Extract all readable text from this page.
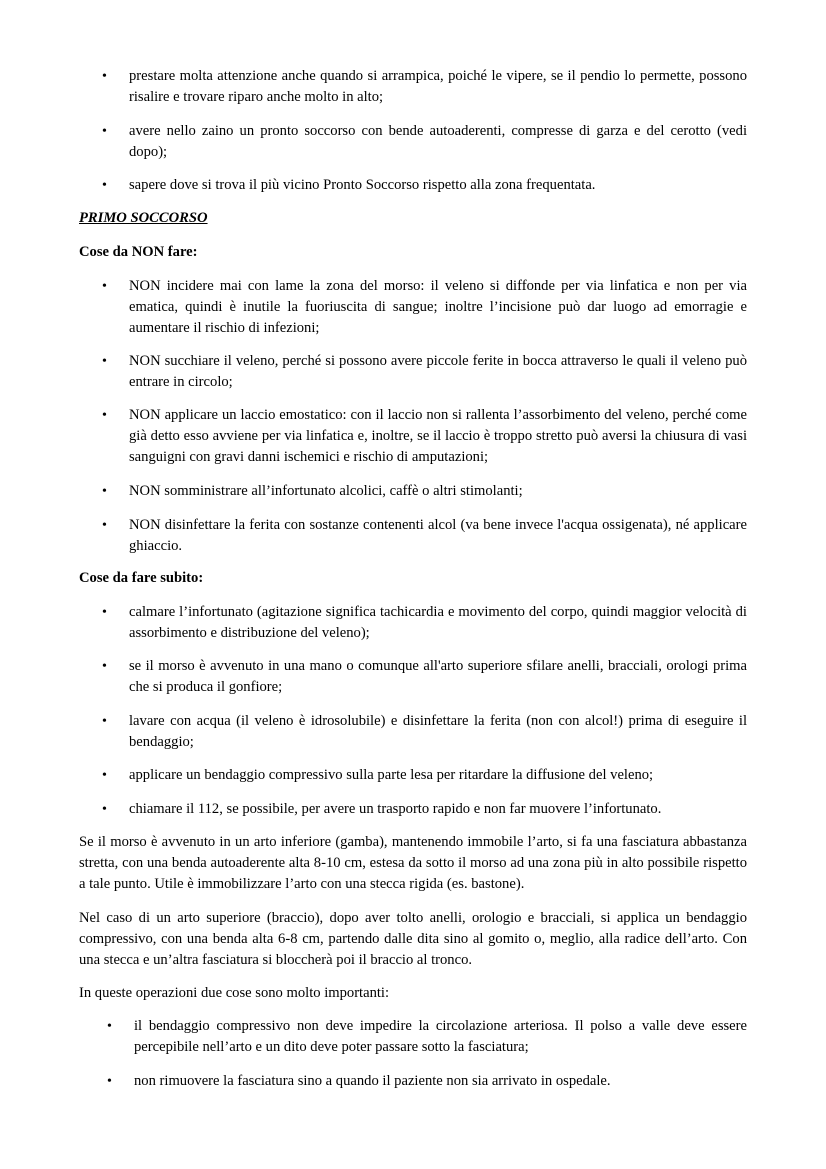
• prestare molta attenzione anche quando si arrampica, poiché le vipere, se il pendio lo permette, possono risalire e trovare riparo anche molto in alto;
• avere nello zaino un pronto soccorso con bende autoaderenti, compresse di garza e del cerotto (vedi dopo);
• sapere dove si trova il più vicino Pronto Soccorso rispetto alla zona frequentata.
PRIMO SOCCORSO
Cose da NON fare:
• NON incidere mai con lame la zona del morso: il veleno si diffonde per via linfatica e non per via ematica, quindi è inutile la fuoriuscita di sangue; inoltre l’incisione può dar luogo ad emorragie e aumentare il rischio di infezioni;
• NON succhiare il veleno, perché si possono avere piccole ferite in bocca attraverso le quali il veleno può entrare in circolo;
• NON applicare un laccio emostatico: con il laccio non si rallenta l’assorbimento del veleno, perché come già detto esso avviene per via linfatica e, inoltre, se il laccio è troppo stretto può aversi la chiusura di vasi sanguigni con gravi danni ischemici e rischio di amputazioni;
• NON somministrare all’infortunato alcolici, caffè o altri stimolanti;
• NON disinfettare la ferita con sostanze contenenti alcol (va bene invece l'acqua ossigenata), né applicare ghiaccio.
Cose da fare subito:
• calmare l’infortunato (agitazione significa tachicardia e movimento del corpo, quindi maggior velocità di assorbimento e distribuzione del veleno);
• se il morso è avvenuto in una mano o comunque all'arto superiore sfilare anelli, bracciali, orologi prima che si produca il gonfiore;
• lavare con acqua (il veleno è idrosolubile) e disinfettare la ferita (non con alcol!) prima di eseguire il bendaggio;
• applicare un bendaggio compressivo sulla parte lesa per ritardare la diffusione del veleno;
• chiamare il 112, se possibile, per avere un trasporto rapido e non far muovere l’infortunato.

Se il morso è avvenuto in un arto inferiore (gamba), mantenendo immobile l’arto, si fa una fasciatura abbastanza stretta, con una benda autoaderente alta 8-10 cm, estesa da sotto il morso ad una zona più in alto possibile rispetto a tale punto. Utile è immobilizzare l’arto con una stecca rigida (es. bastone).

Nel caso di un arto superiore (braccio), dopo aver tolto anelli, orologio e bracciali, si applica un bendaggio compressivo, con una benda alta 6-8 cm, partendo dalle dita sino al gomito o, meglio, alla radice dell’arto. Con una stecca e un’altra fasciatura si bloccherà poi il braccio al tronco.

In queste operazioni due cose sono molto importanti:

• il bendaggio compressivo non deve impedire la circolazione arteriosa. Il polso a valle deve essere percepibile nell’arto e un dito deve poter passare sotto la fasciatura;
• non rimuovere la fasciatura sino a quando il paziente non sia arrivato in ospedale.
